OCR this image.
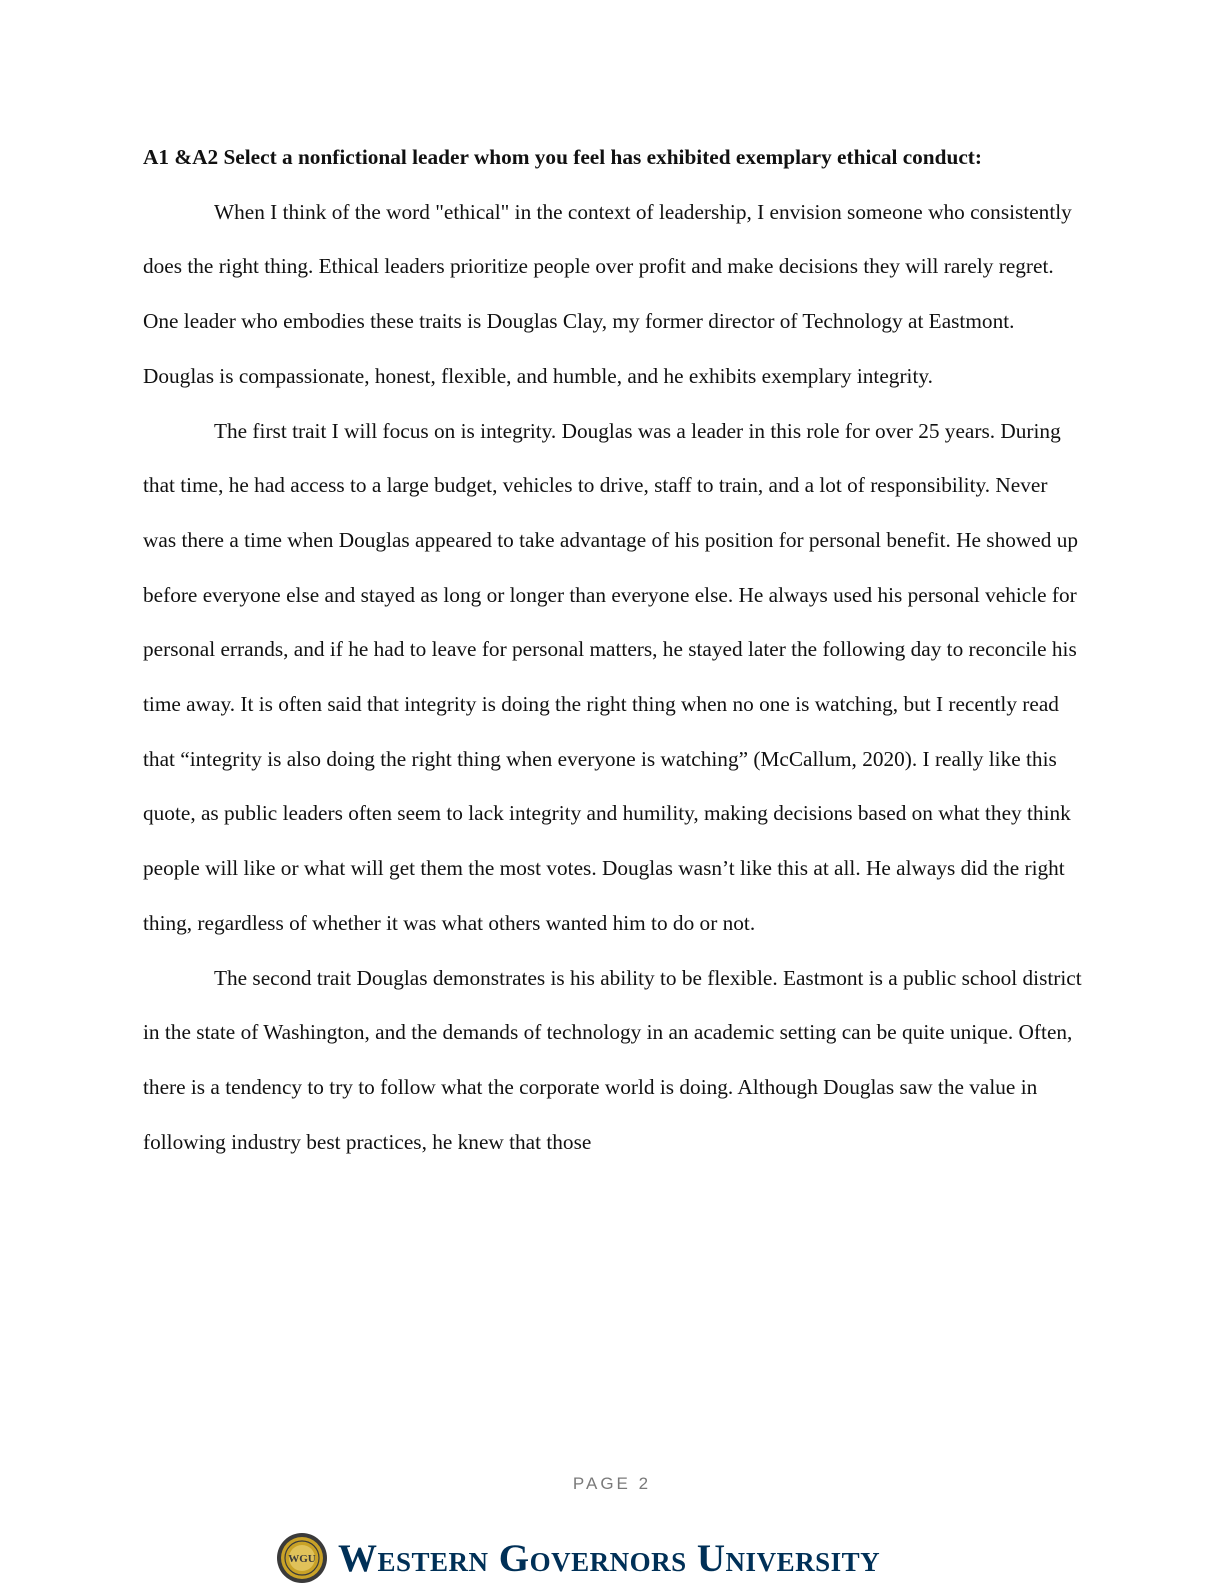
A1 &A2 Select a nonfictional leader whom you feel has exhibited exemplary ethical conduct:

When I think of the word "ethical" in the context of leadership, I envision someone who consistently does the right thing. Ethical leaders prioritize people over profit and make decisions they will rarely regret. One leader who embodies these traits is Douglas Clay, my former director of Technology at Eastmont. Douglas is compassionate, honest, flexible, and humble, and he exhibits exemplary integrity.

The first trait I will focus on is integrity. Douglas was a leader in this role for over 25 years. During that time, he had access to a large budget, vehicles to drive, staff to train, and a lot of responsibility. Never was there a time when Douglas appeared to take advantage of his position for personal benefit. He showed up before everyone else and stayed as long or longer than everyone else. He always used his personal vehicle for personal errands, and if he had to leave for personal matters, he stayed later the following day to reconcile his time away. It is often said that integrity is doing the right thing when no one is watching, but I recently read that “integrity is also doing the right thing when everyone is watching” (McCallum, 2020). I really like this quote, as public leaders often seem to lack integrity and humility, making decisions based on what they think people will like or what will get them the most votes. Douglas wasn’t like this at all. He always did the right thing, regardless of whether it was what others wanted him to do or not.

The second trait Douglas demonstrates is his ability to be flexible. Eastmont is a public school district in the state of Washington, and the demands of technology in an academic setting can be quite unique. Often, there is a tendency to try to follow what the corporate world is doing. Although Douglas saw the value in following industry best practices, he knew that those

PAGE 2
WGU Western Governors University
